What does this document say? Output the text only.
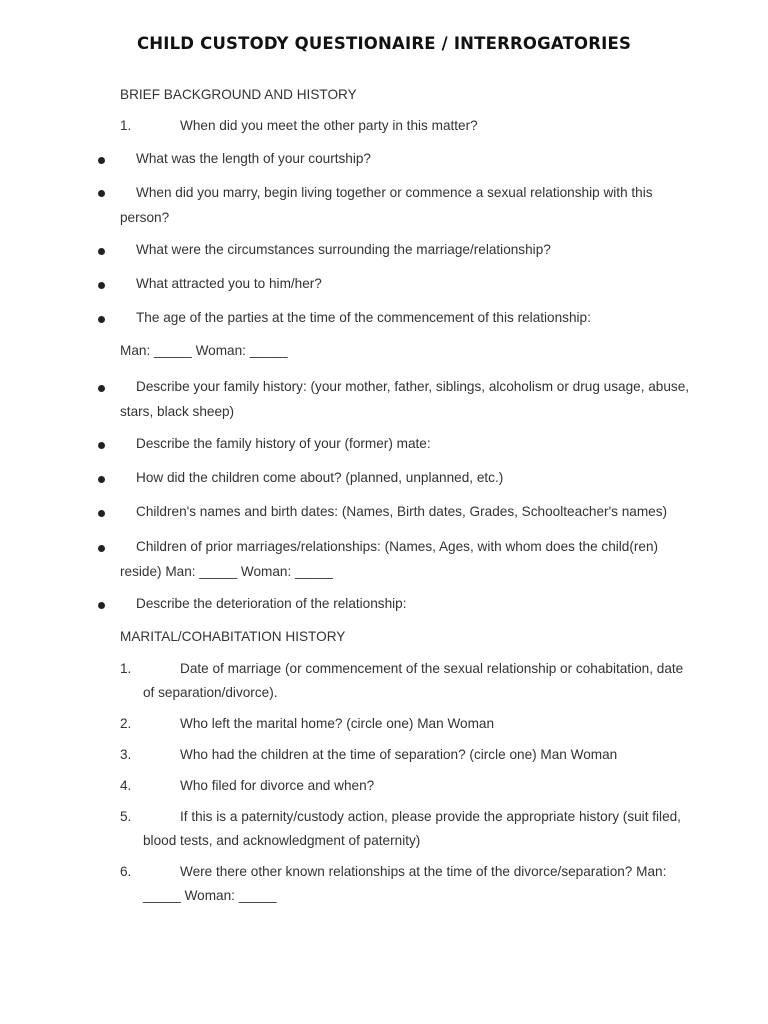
CHILD CUSTODY QUESTIONAIRE / INTERROGATORIES
BRIEF BACKGROUND AND HISTORY
1.	When did you meet the other party in this matter?
What was the length of your courtship?
When did you marry, begin living together or commence a sexual relationship with this
person?
What were the circumstances surrounding the marriage/relationship?
What attracted you to him/her?
The age of the parties at the time of the commencement of this relationship:
Man: _____ Woman: _____
Describe your family history: (your mother, father, siblings, alcoholism or drug usage, abuse,
stars, black sheep)
Describe the family history of your (former) mate:
How did the children come about? (planned, unplanned, etc.)
Children's names and birth dates: (Names, Birth dates, Grades, Schoolteacher's names)
Children of prior marriages/relationships: (Names, Ages, with whom does the child(ren)
reside) Man: _____ Woman: _____
Describe the deterioration of the relationship:
MARITAL/COHABITATION HISTORY
1.	Date of marriage (or commencement of the sexual relationship or cohabitation, date
of separation/divorce).
2.	Who left the marital home? (circle one) Man Woman
3.	Who had the children at the time of separation? (circle one) Man Woman
4.	Who filed for divorce and when?
5.	If this is a paternity/custody action, please provide the appropriate history (suit filed,
blood tests, and acknowledgment of paternity)
6.	Were there other known relationships at the time of the divorce/separation? Man:
_____ Woman: _____
